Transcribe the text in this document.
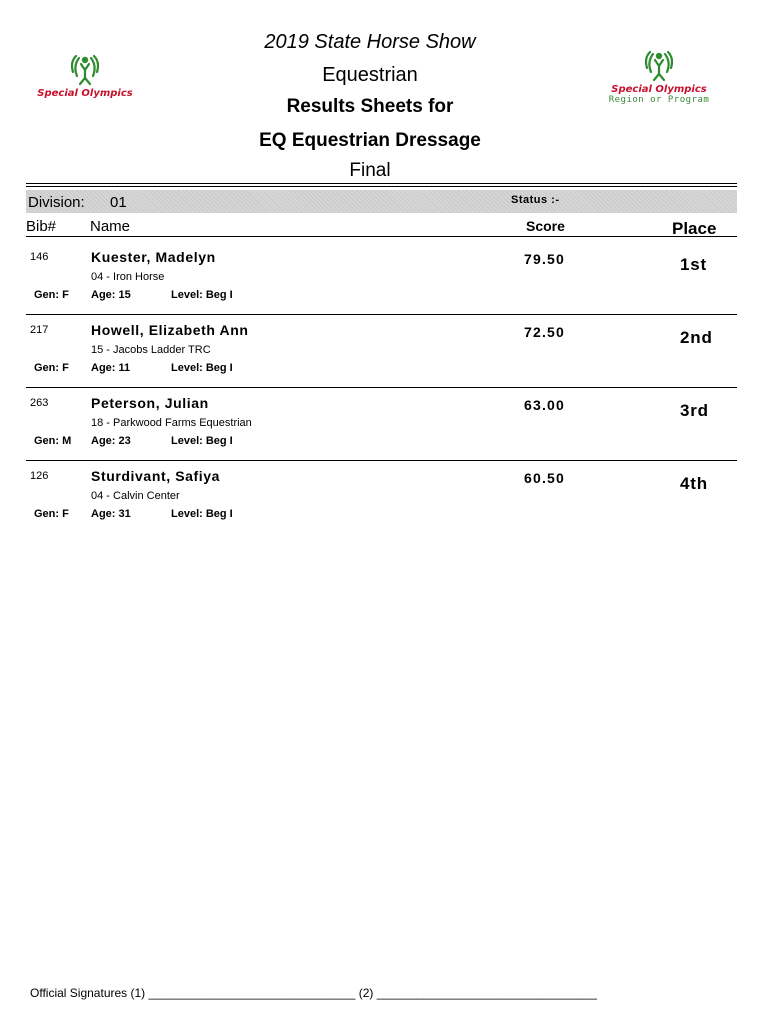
Special Olympics	Special Olympics
Region or Program
2019 State Horse Show
Equestrian
Results Sheets for
EQ Equestrian Dressage
Final
Division: 01	Status :-
Bib# Name	Score	Place
146	Kuester, Madelyn
04 - Iron Horse
Gen: F Age: 15	Level: Beg I
79.50	1st
217	Howell, Elizabeth Ann
15 - Jacobs Ladder TRC
Gen: F Age: 11	Level: Beg I
72.50	2nd
263	Peterson, Julian
18 - Parkwood Farms Equestrian
Gen: M Age: 23	Level: Beg I
63.00	3rd
126	Sturdivant, Safiya
04 - Calvin Center
Gen: F Age: 31	Level: Beg I
60.50	4th
Official Signatures (1) _______________________________ (2) _________________________________
